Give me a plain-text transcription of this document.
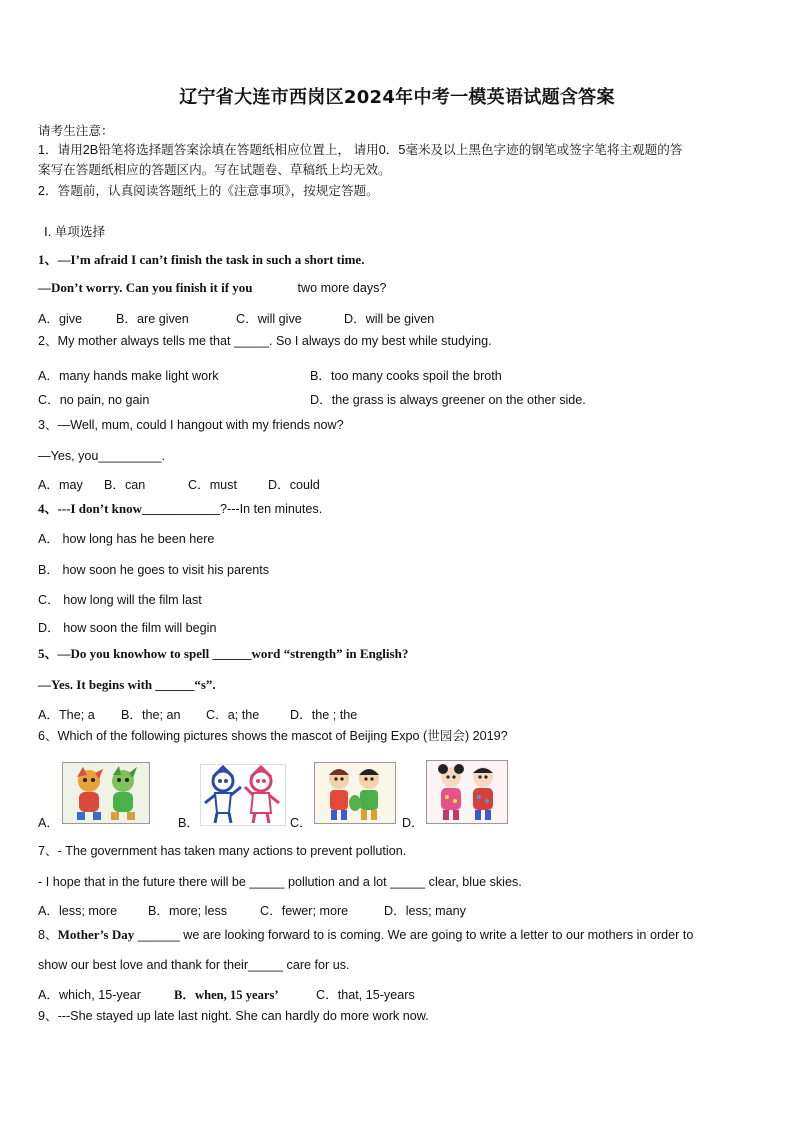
辽宁省大连市西岗区2024年中考一模英语试题含答案
请考生注意：
1．请用2B铅笔将选择题答案涂填在答题纸相应位置上， 请用0．5毫米及以上黑色字迹的钢笔或签字笔将主观题的答
案写在答题纸相应的答题区内。写在试题卷、草稿纸上均无效。
2．答题前，认真阅读答题纸上的《注意事项》，按规定答题。
Ⅰ. 单项选择
1、—I’m afraid I can’t finish the task in such a short time.
—Don’t worry. Can you finish it if you	two more days?
A．give	B．are given	C．will give	D．will be given
2、My mother always tells me that _____. So I always do my best while studying.
A．many hands make light work	B．too many cooks spoil the broth
C．no pain, no gain	D．the grass is always greener on the other side.
3、—Well, mum, could I hangout with my friends now?
—Yes, you_________.
A．may B．can	C．must D．could
4、---I don’t know____________?---In ten minutes.
A． how long has he been here
B． how soon he goes to visit his parents
C． how long will the film last
D． how soon the film will begin
5、—Do you knowhow to spell ______word “strength” in English?
—Yes. It begins with ______“s”.
A．The; a B．the; an C．a; the D．the ; the
6、Which of the following pictures shows the mascot of Beijing Expo (世园会) 2019?
A．	B．	C．	D．
7、- The government has taken many actions to prevent pollution.
- I hope that in the future there will be _____ pollution and a lot _____ clear, blue skies.
A．less; more B．more; less	C．fewer; more	D．less; many
8、Mother’s Day ______ we are looking forward to is coming. We are going to write a letter to our mothers in order to
show our best love and thank for their_____ care for us.
A．which, 15-year	B．when, 15 years’	C．that, 15-years
9、---She stayed up late last night. She can hardly do more work now.
